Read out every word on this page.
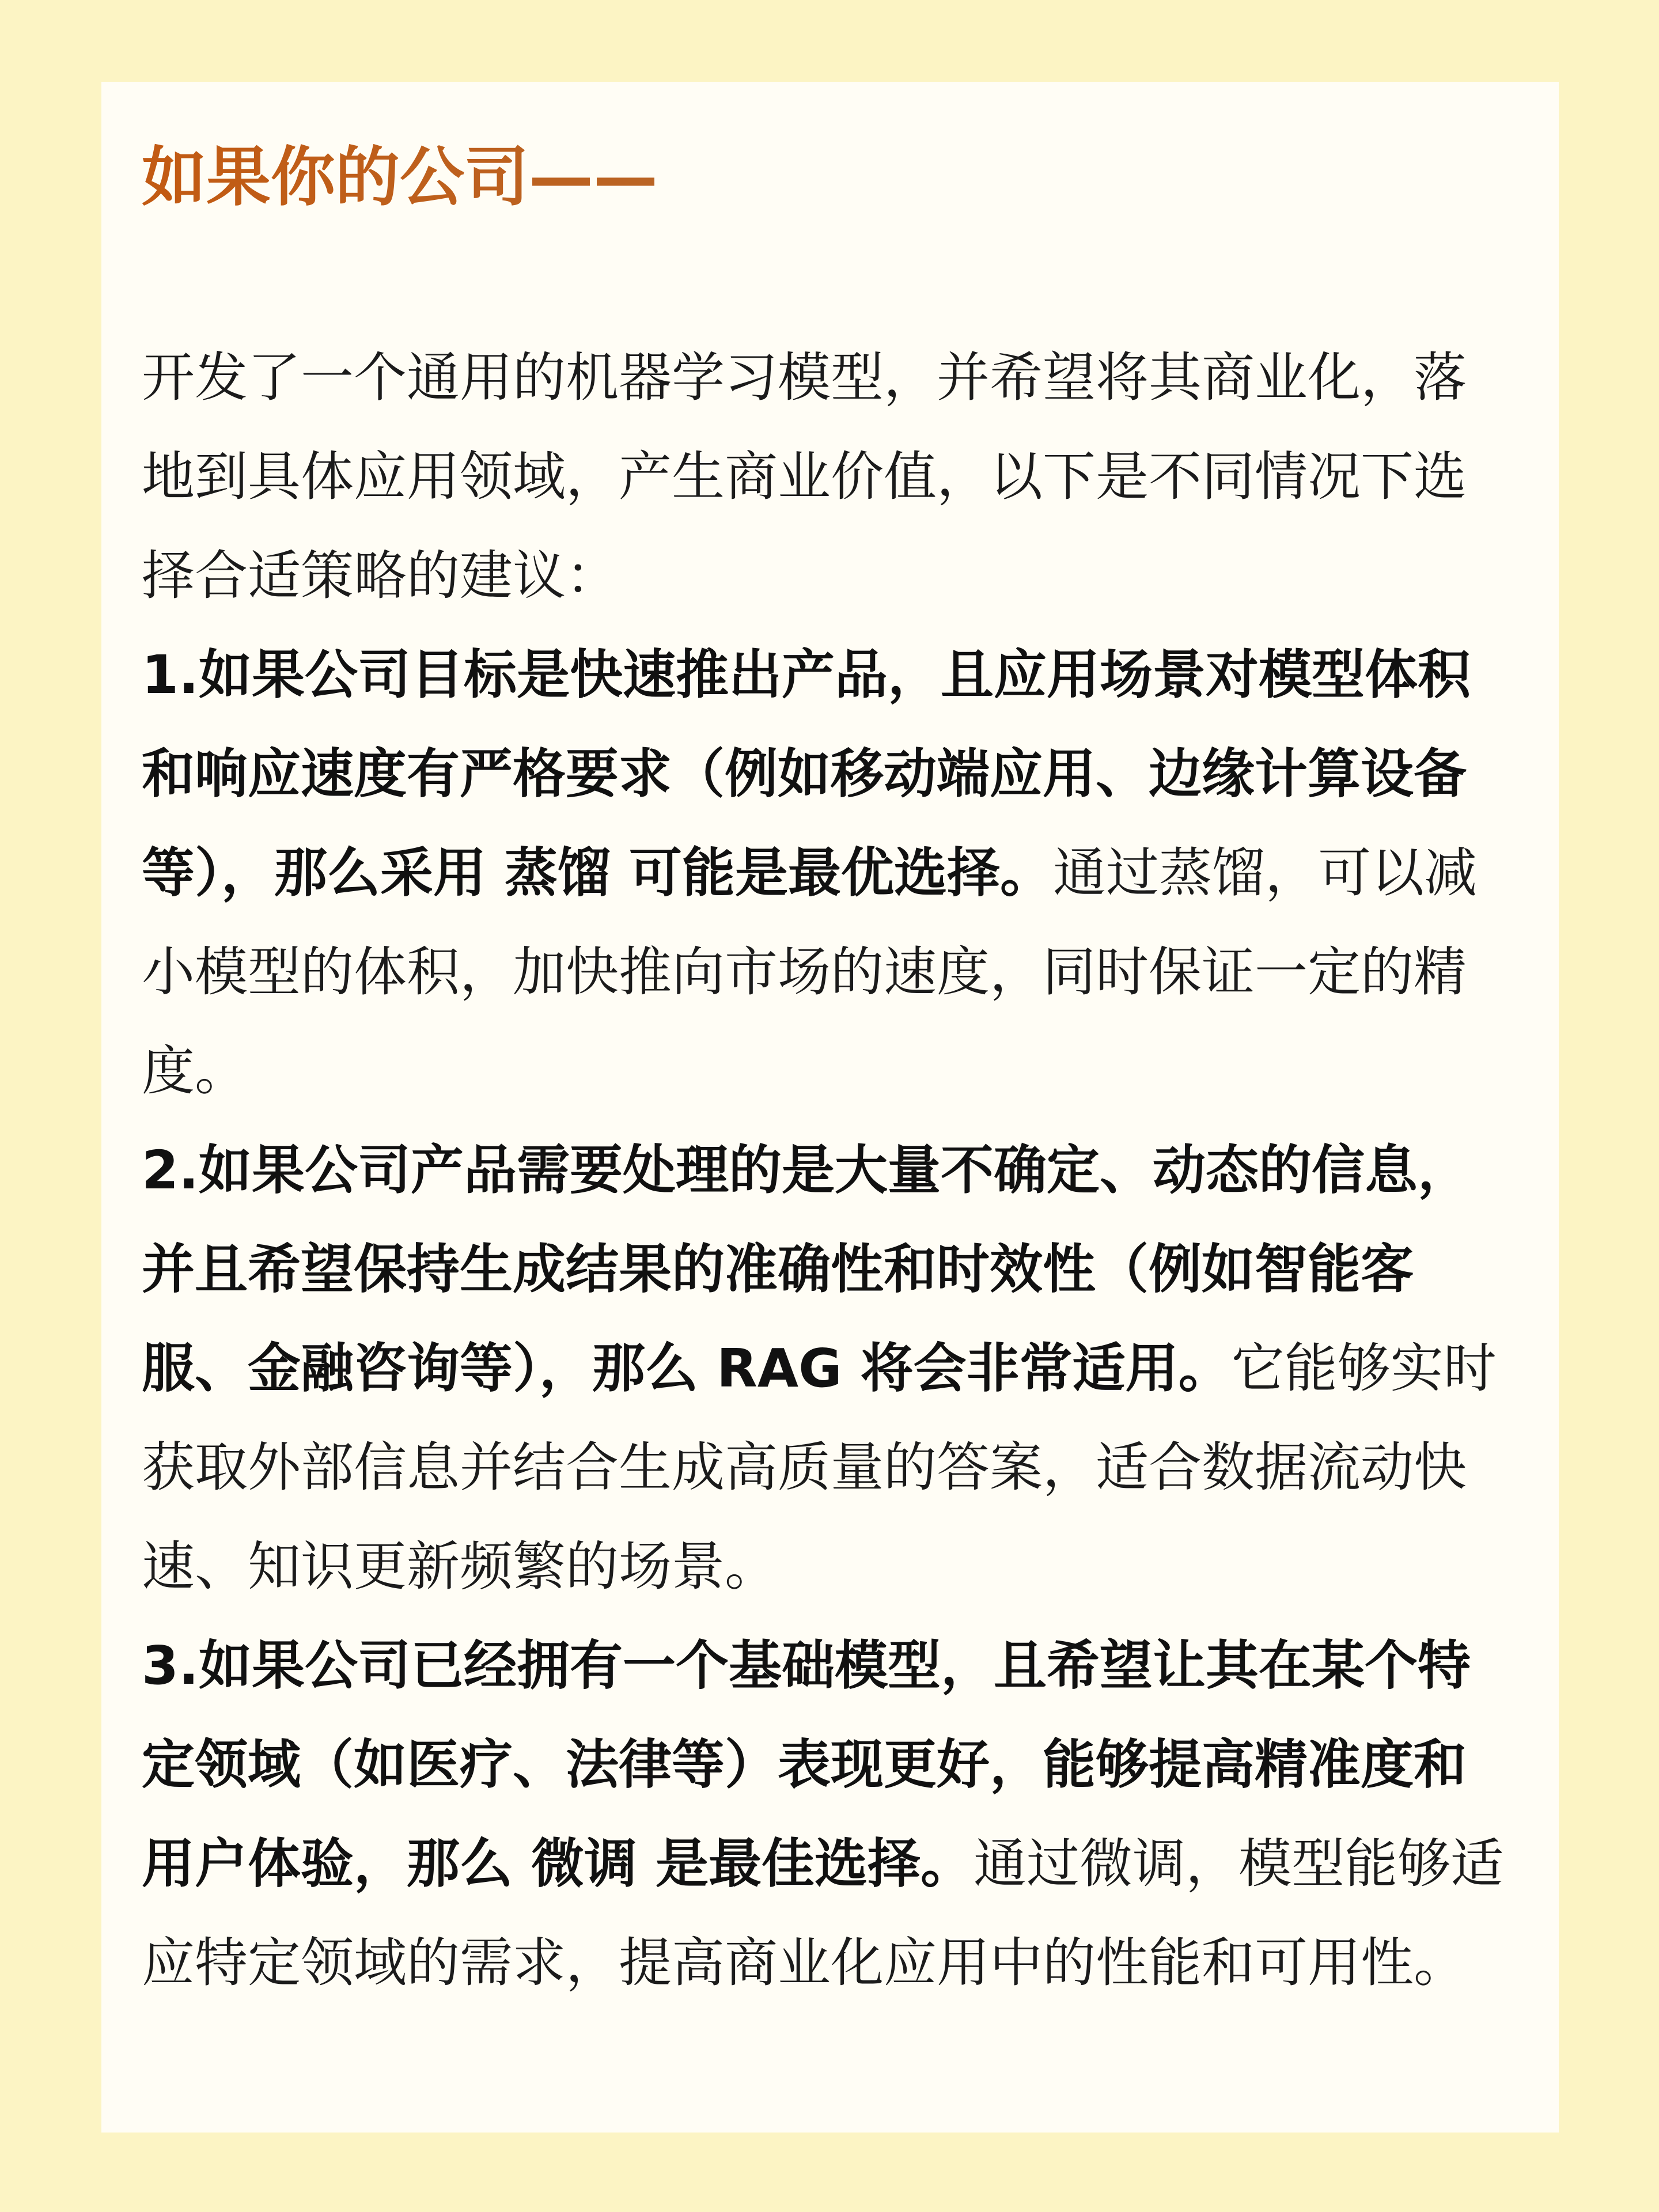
如果你的公司——

开发了一个通用的机器学习模型，并希望将其商业化，落地到具体应用领域，产生商业价值，以下是不同情况下选择合适策略的建议：

1.如果公司目标是快速推出产品，且应用场景对模型体积和响应速度有严格要求（例如移动端应用、边缘计算设备等），那么采用 蒸馏 可能是最优选择。通过蒸馏，可以减小模型的体积，加快推向市场的速度，同时保证一定的精度。

2.如果公司产品需要处理的是大量不确定、动态的信息，并且希望保持生成结果的准确性和时效性（例如智能客服、金融咨询等），那么 RAG 将会非常适用。它能够实时获取外部信息并结合生成高质量的答案，适合数据流动快速、知识更新频繁的场景。

3.如果公司已经拥有一个基础模型，且希望让其在某个特定领域（如医疗、法律等）表现更好，能够提高精准度和用户体验，那么 微调 是最佳选择。通过微调，模型能够适应特定领域的需求，提高商业化应用中的性能和可用性。
